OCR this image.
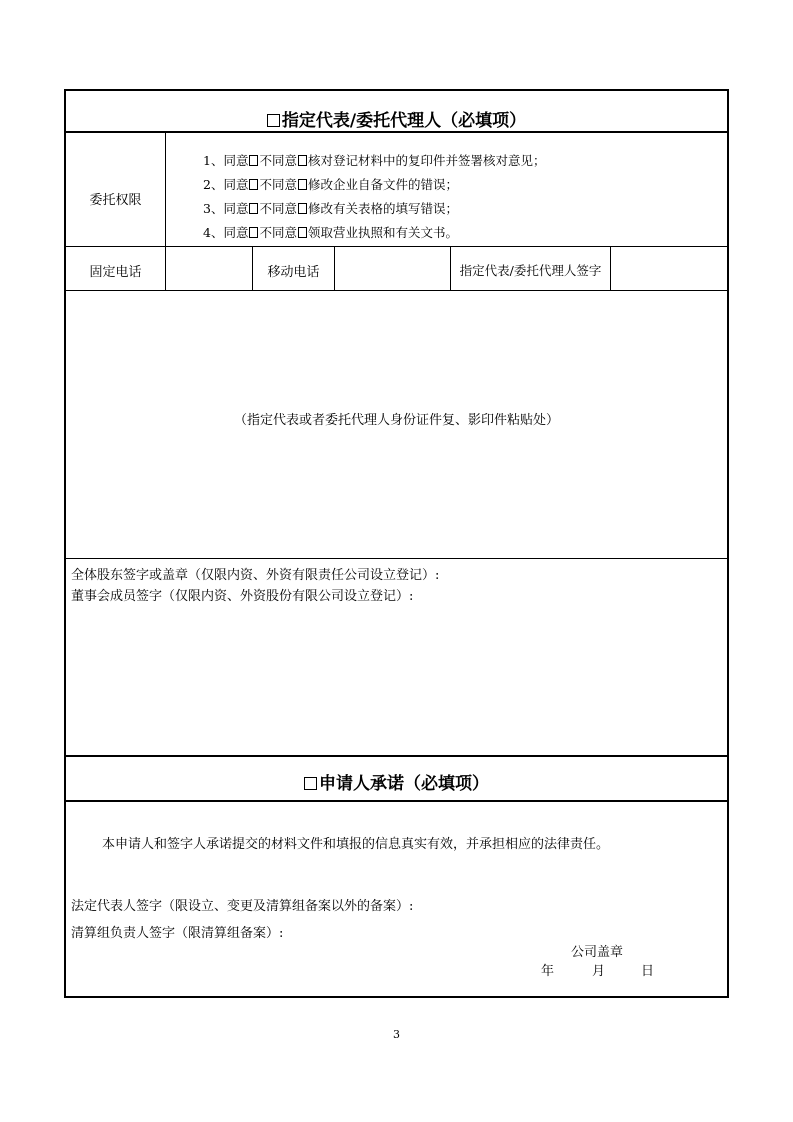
指定代表/委托代理人（必填项）
委托权限
1、同意 不同意 核对登记材料中的复印件并签署核对意见；
2、同意 不同意 修改企业自备文件的错误；
3、同意 不同意 修改有关表格的填写错误；
4、同意 不同意 领取营业执照和有关文书。
固定电话	移动电话	指定代表/委托代理人签字
（指定代表或者委托代理人身份证件复、影印件粘贴处）
全体股东签字或盖章（仅限内资、外资有限责任公司设立登记）:
董事会成员签字（仅限内资、外资股份有限公司设立登记）:
申请人承诺（必填项）
本申请人和签字人承诺提交的材料文件和填报的信息真实有效，并承担相应的法律责任。
法定代表人签字（限设立、变更及清算组备案以外的备案）:
清算组负责人签字（限清算组备案）:
公司盖章
年	月	日
3
